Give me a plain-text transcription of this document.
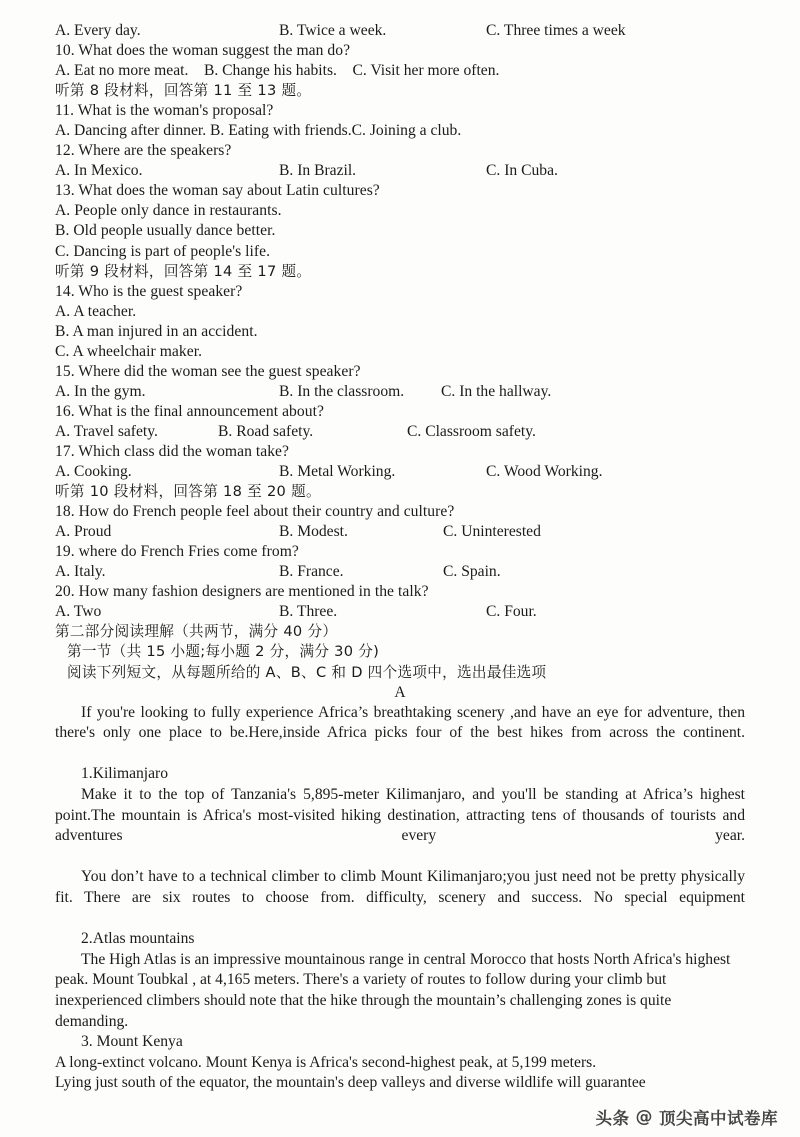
A. Every day.

	B. Twice a week.

	C. Three times a week

10. What does the woman suggest the man do?
A. Eat no more meat.    B. Change his habits.    C. Visit her more often.
听第 8 段材料，回答第 11 至 13 题。
11. What is the woman's proposal?
A. Dancing after dinner. B. Eating with friends.C. Joining a club.
12. Where are the speakers?

A. In Mexico.

	B. In Brazil.

	C. In Cuba.

13. What does the woman say about Latin cultures?
A. People only dance in restaurants.
B. Old people usually dance better.
C. Dancing is part of people's life.
听第 9 段材料，回答第 14 至 17 题。
14. Who is the guest speaker?
A. A teacher.
B. A man injured in an accident.
C. A wheelchair maker.
15. Where did the woman see the guest speaker?

A. In the gym.

	B. In the classroom.

C. In the hallway.

16. What is the final announcement about?

A. Travel safety.

	B. Road safety.

	C. Classroom safety.

17. Which class did the woman take?

A. Cooking.

	B. Metal Working.

	C. Wood Working.

听第 10 段材料，回答第 18 至 20 题。
18. How do French people feel about their country and culture?

A. Proud

	B. Modest.

	C. Uninterested

19. where do French Fries come from?

A. Italy.

	B. France.

	C. Spain.

20. How many fashion designers are mentioned in the talk?

A. Two

	B. Three.

	C. Four.

第二部分阅读理解（共两节，满分 40 分）
第一节（共 15 小题;每小题 2 分，满分 30 分)
阅读下列短文，从每题所给的 A、B、C 和 D 四个选项中，选出最佳选项
A

If you're looking to fully experience Africa’s breathtaking scenery ,and have an eye for adventure, then there's only one place to be.Here,inside Africa picks four of the best hikes from across the continent.

1.Kilimanjaro

Make it to the top of Tanzania's 5,895-meter Kilimanjaro, and you'll be standing at Africa’s highest point.The mountain is Africa's most-visited hiking destination, attracting tens of thousands of tourists and adventures every year.

You don’t have to a technical climber to climb Mount Kilimanjaro;you just need not be pretty physically fit. There are six routes to choose from. difficulty, scenery and success. No special equipment

2.Atlas mountains

The High Atlas is an impressive mountainous range in central Morocco that hosts North Africa's highest peak. Mount Toubkal , at 4,165 meters. There's a variety of routes to follow during your climb but inexperienced climbers should note that the hike through the mountain’s challenging zones is quite demanding.

3. Mount Kenya

A long-extinct volcano. Mount Kenya is Africa's second-highest peak, at 5,199 meters.

Lying just south of the equator, the mountain's deep valleys and diverse wildlife will guarantee

头条 @ 顶尖高中试卷库
